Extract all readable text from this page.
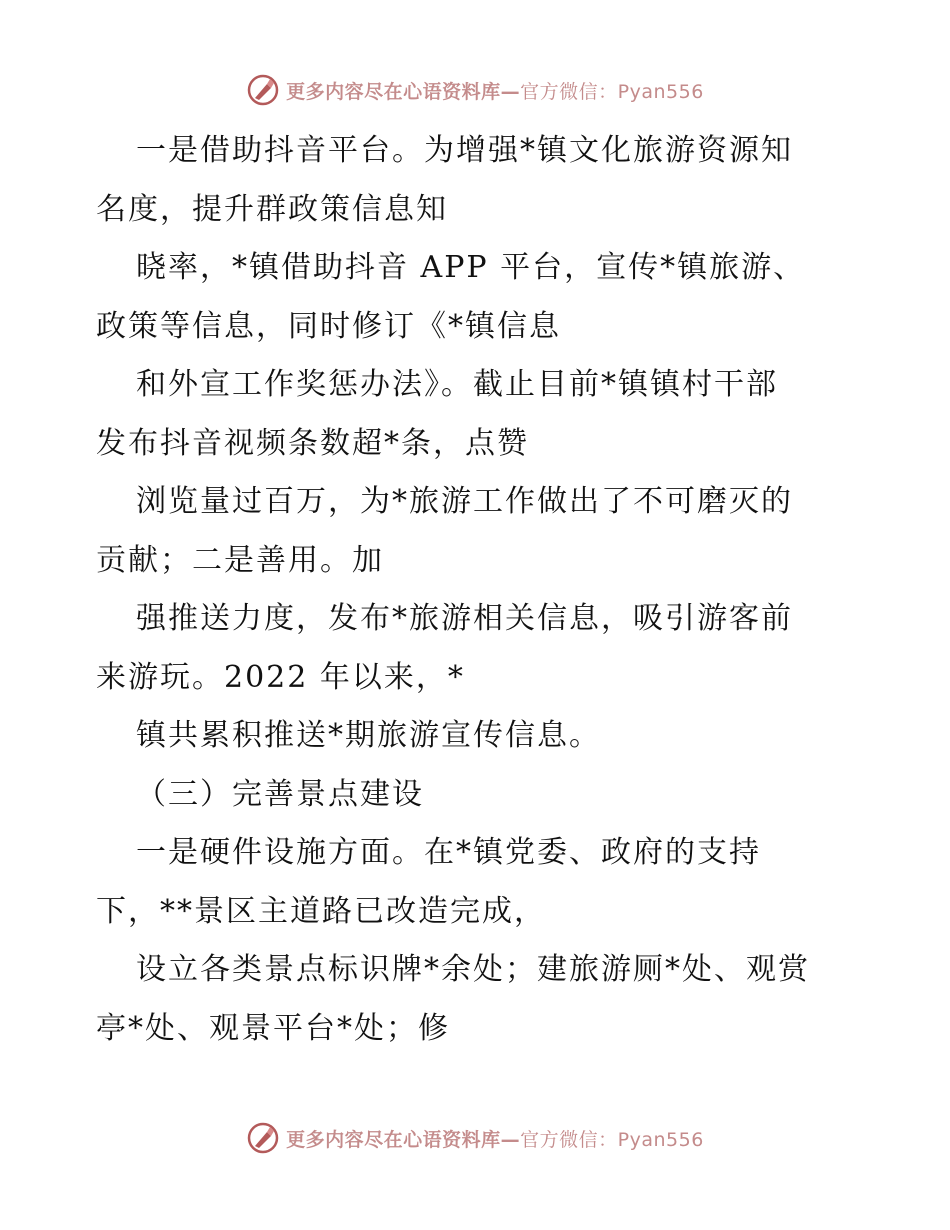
更多内容尽在心语资料库—官方微信：Pyan556
一是借助抖音平台。为增强*镇文化旅游资源知
名度，提升群政策信息知
晓率，*镇借助抖音 APP 平台，宣传*镇旅游、
政策等信息，同时修订《*镇信息
和外宣工作奖惩办法》。截止目前*镇镇村干部
发布抖音视频条数超*条，点赞
浏览量过百万，为*旅游工作做出了不可磨灭的
贡献；二是善用。加
强推送力度，发布*旅游相关信息，吸引游客前
来游玩。2022 年以来，*
镇共累积推送*期旅游宣传信息。
（三）完善景点建设
一是硬件设施方面。在*镇党委、政府的支持
下，**景区主道路已改造完成，
设立各类景点标识牌*余处；建旅游厕*处、观赏
亭*处、观景平台*处；修
更多内容尽在心语资料库—官方微信：Pyan556
